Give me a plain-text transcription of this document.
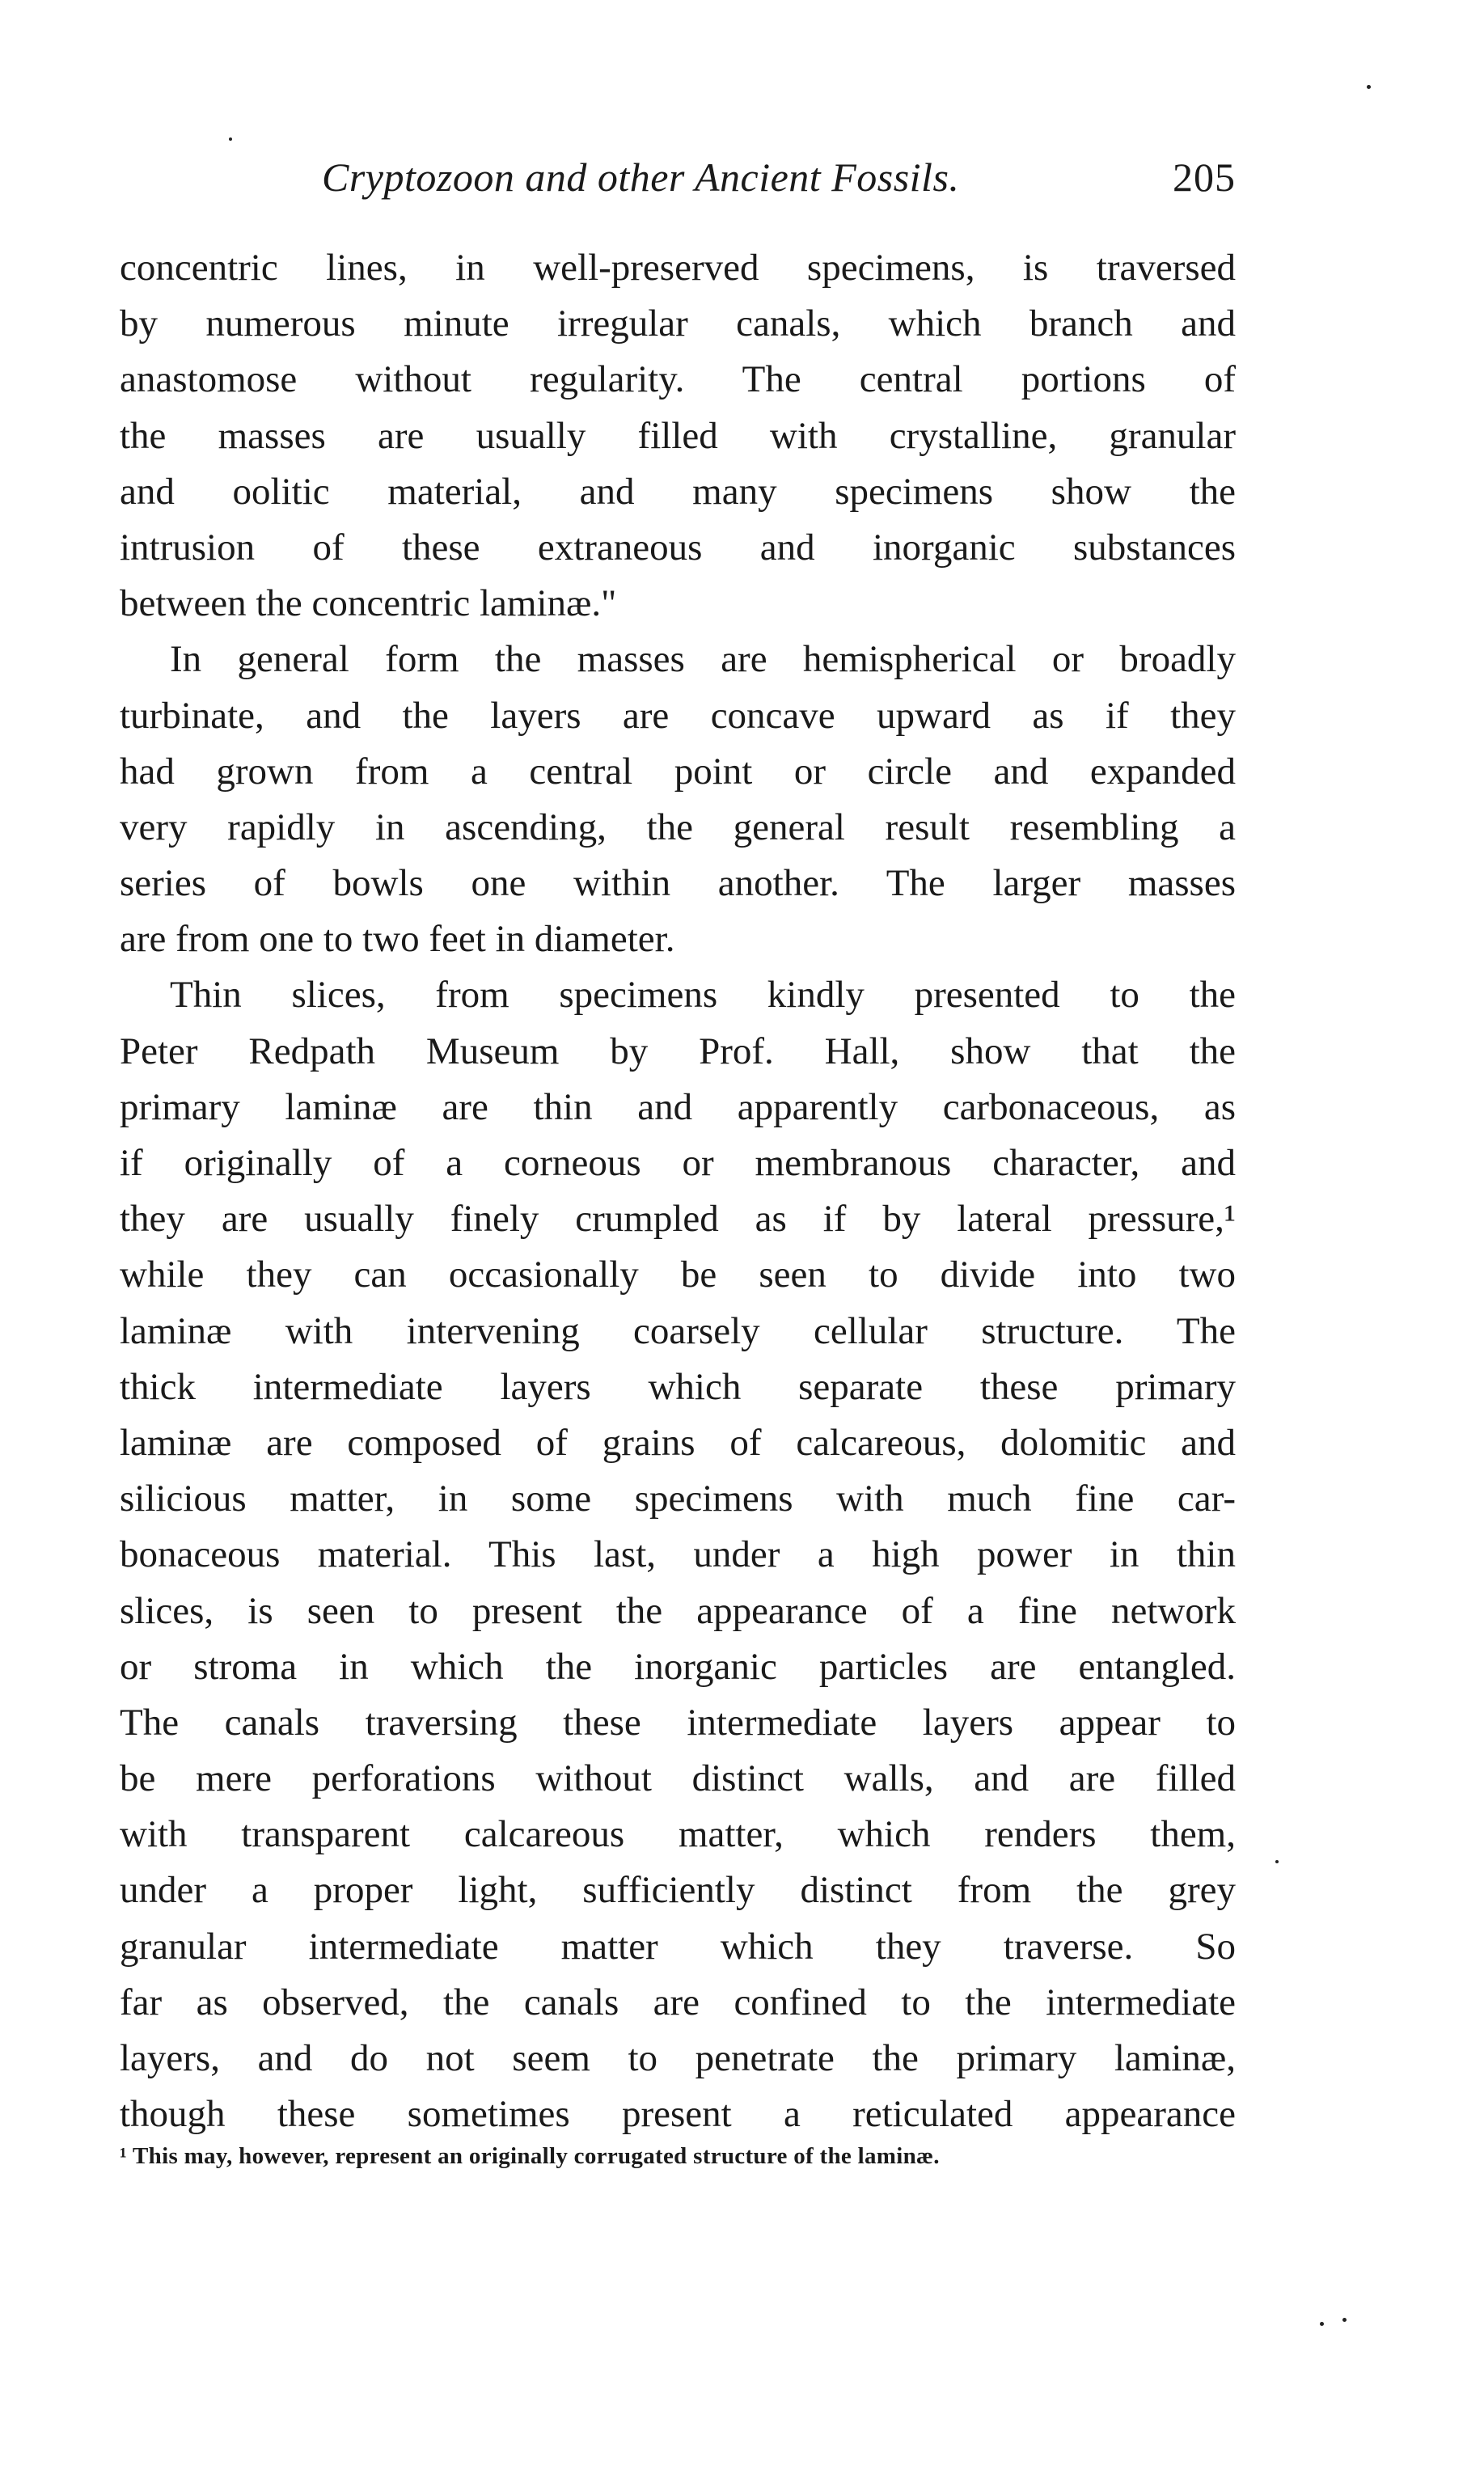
Cryptozoon and other Ancient Fossils.	205
concentric lines, in well-preserved specimens, is traversed
by numerous minute irregular canals, which branch and
anastomose without regularity. The central portions of
the masses are usually filled with crystalline, granular
and oolitic material, and many specimens show the
intrusion of these extraneous and inorganic substances
between the concentric laminæ."
In general form the masses are hemispherical or broadly
turbinate, and the layers are concave upward as if they
had grown from a central point or circle and expanded
very rapidly in ascending, the general result resembling a
series of bowls one within another. The larger masses
are from one to two feet in diameter.
Thin slices, from specimens kindly presented to the
Peter Redpath Museum by Prof. Hall, show that the
primary laminæ are thin and apparently carbonaceous, as
if originally of a corneous or membranous character, and
they are usually finely crumpled as if by lateral pressure,¹
while they can occasionally be seen to divide into two
laminæ with intervening coarsely cellular structure. The
thick intermediate layers which separate these primary
laminæ are composed of grains of calcareous, dolomitic and
silicious matter, in some specimens with much fine car-
bonaceous material. This last, under a high power in thin
slices, is seen to present the appearance of a fine network
or stroma in which the inorganic particles are entangled.
The canals traversing these intermediate layers appear to
be mere perforations without distinct walls, and are filled
with transparent calcareous matter, which renders them,
under a proper light, sufficiently distinct from the grey
granular intermediate matter which they traverse. So
far as observed, the canals are confined to the intermediate
layers, and do not seem to penetrate the primary laminæ,
though these sometimes present a reticulated appearance
¹ This may, however, represent an originally corrugated structure of the laminæ.
